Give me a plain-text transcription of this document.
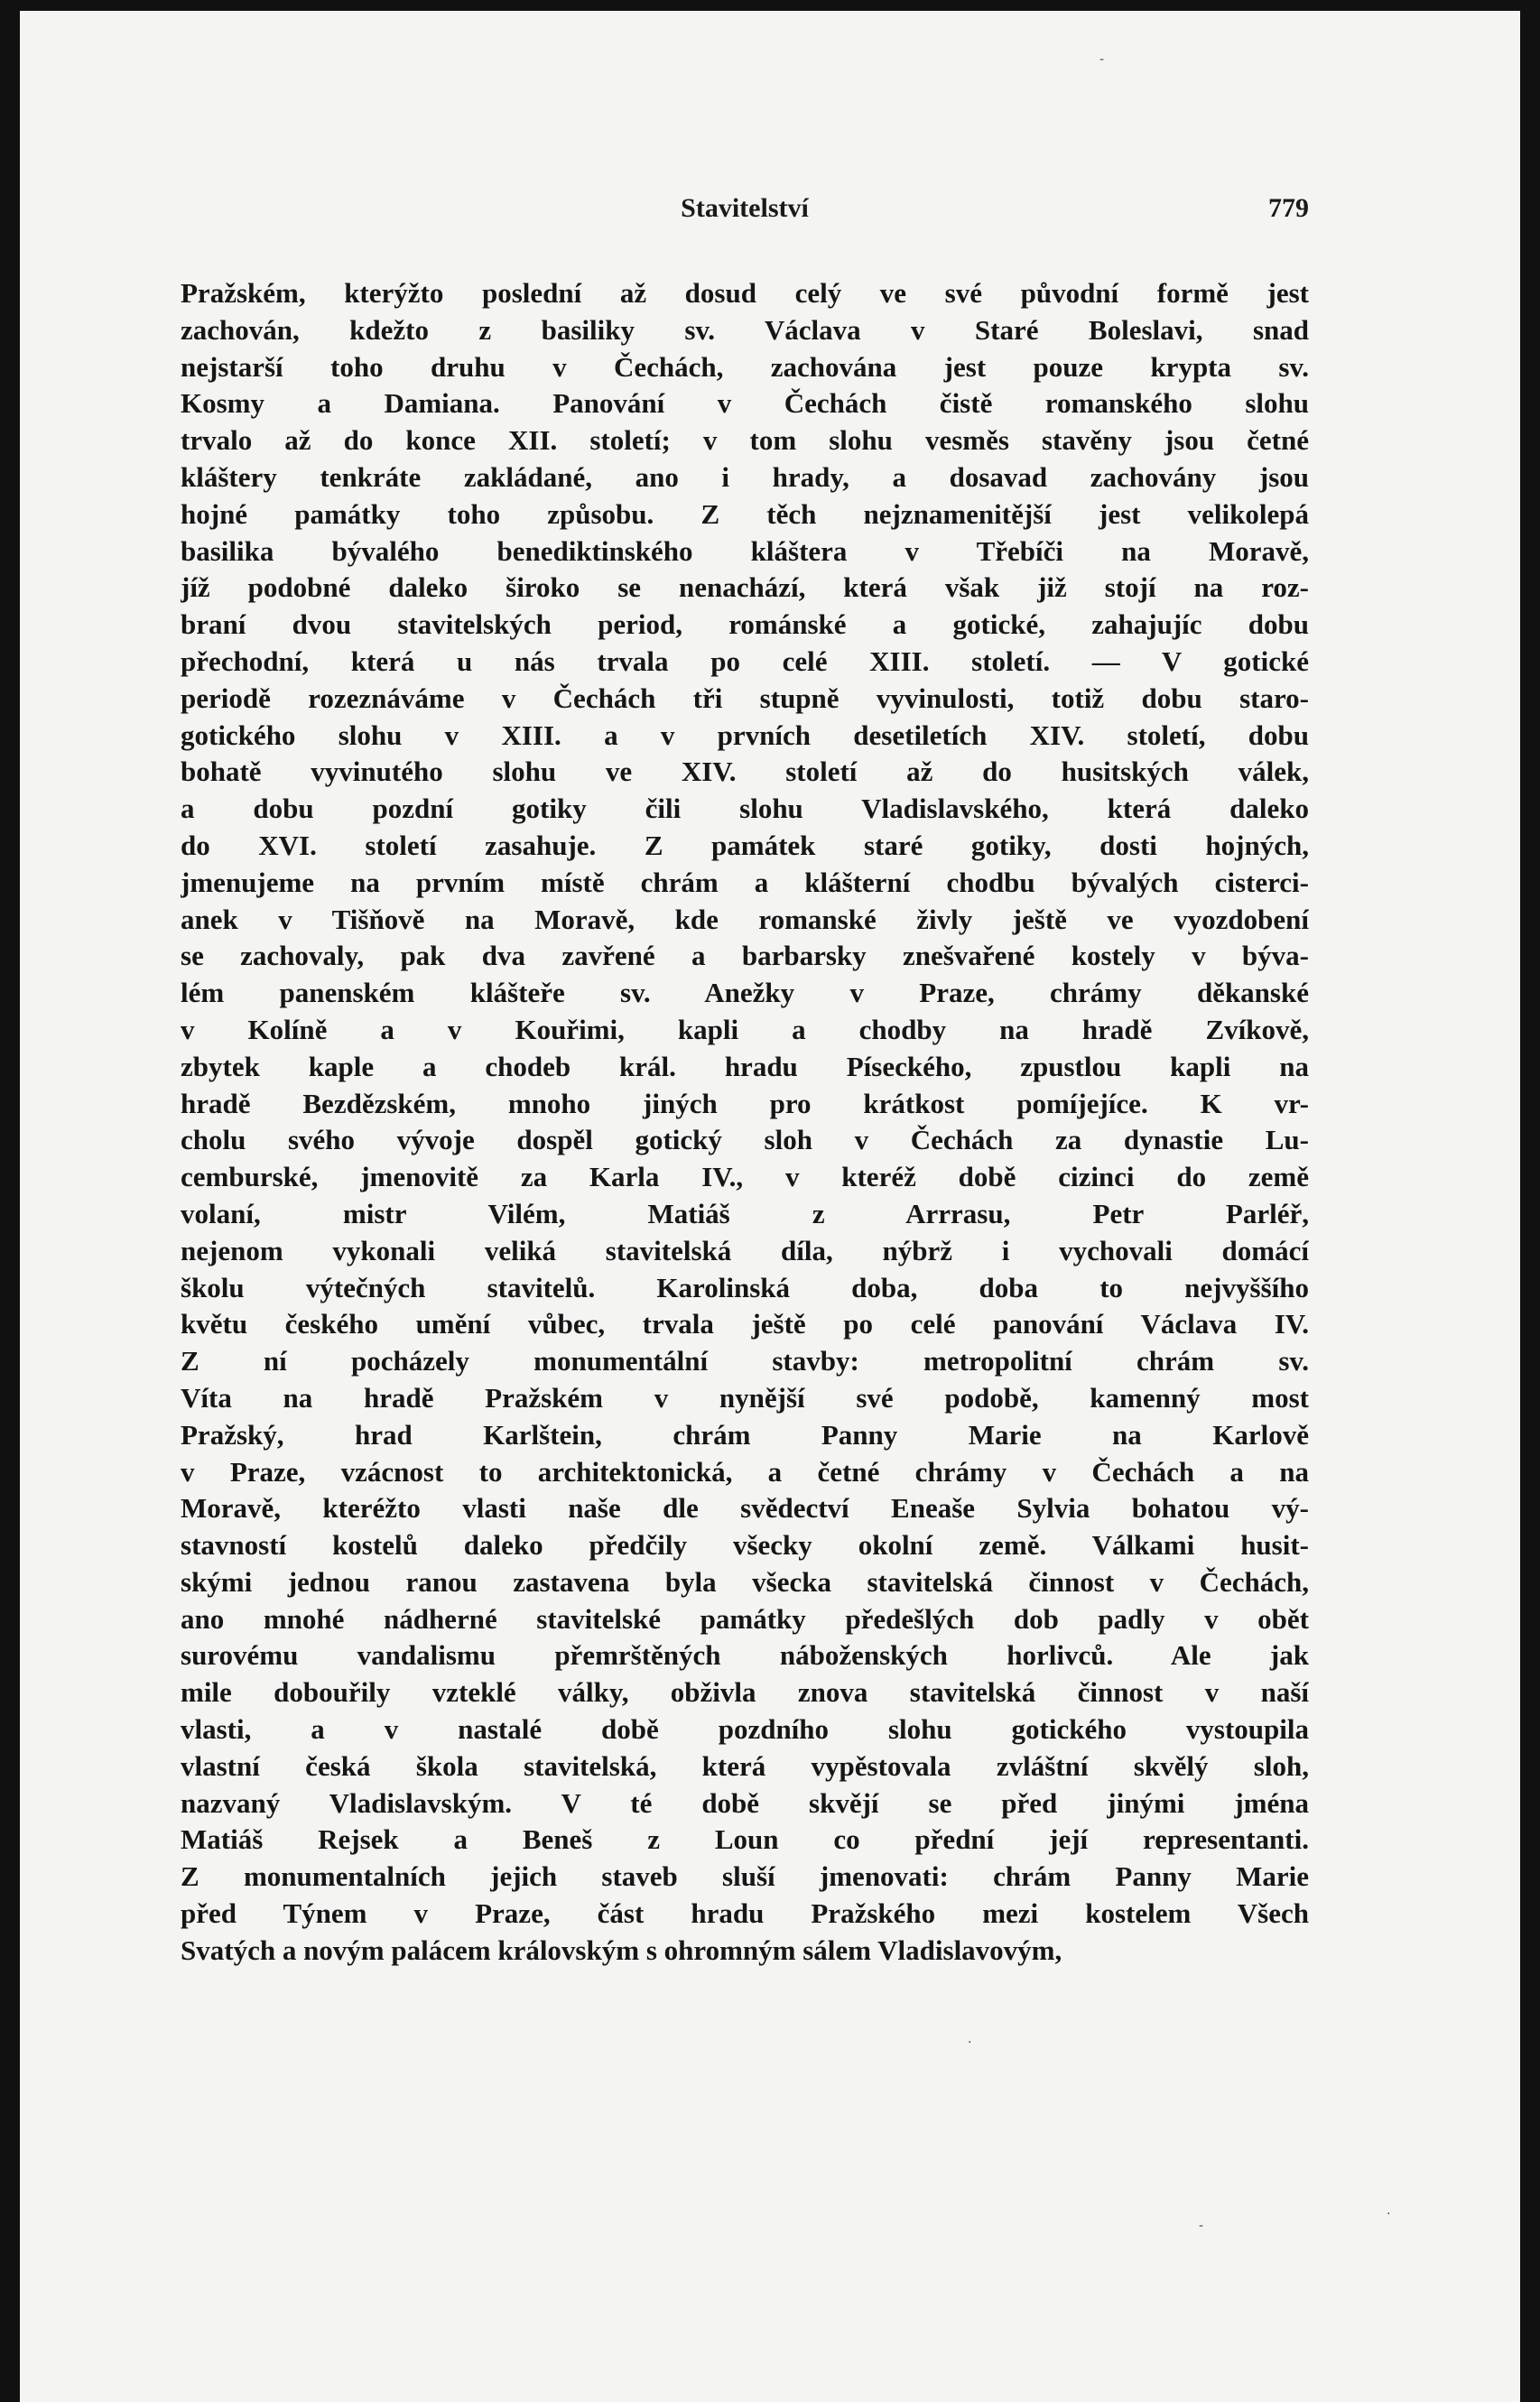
Stavitelství	779
Pražském, kterýžto poslední až dosud celý ve své původní formě jest
zachován, kdežto z basiliky sv. Václava v Staré Boleslavi, snad
nejstarší toho druhu v Čechách, zachována jest pouze krypta sv.
Kosmy a Damiana. Panování v Čechách čistě romanského slohu
trvalo až do konce XII. století; v tom slohu vesměs stavěny jsou četné
kláštery tenkráte zakládané, ano i hrady, a dosavad zachovány jsou
hojné památky toho způsobu. Z těch nejznamenitější jest velikolepá
basilika bývalého benediktinského kláštera v Třebíči na Moravě,
jíž podobné daleko široko se nenachází, která však již stojí na roz-
braní dvou stavitelských period, románské a gotické, zahajujíc dobu
přechodní, která u nás trvala po celé XIII. století. — V gotické
periodě rozeznáváme v Čechách tři stupně vyvinulosti, totiž dobu staro-
gotického slohu v XIII. a v prvních desetiletích XIV. století, dobu
bohatě vyvinutého slohu ve XIV. století až do husitských válek,
a dobu pozdní gotiky čili slohu Vladislavského, která daleko
do XVI. století zasahuje. Z památek staré gotiky, dosti hojných,
jmenujeme na prvním místě chrám a klášterní chodbu bývalých cisterci-
anek v Tišňově na Moravě, kde romanské živly ještě ve vyozdobení
se zachovaly, pak dva zavřené a barbarsky znešvařené kostely v býva-
lém panenském klášteře sv. Anežky v Praze, chrámy děkanské
v Kolíně a v Kouřimi, kapli a chodby na hradě Zvíkově,
zbytek kaple a chodeb král. hradu Píseckého, zpustlou kapli na
hradě Bezdězském, mnoho jiných pro krátkost pomíjejíce. K vr-
cholu svého vývoje dospěl gotický sloh v Čechách za dynastie Lu-
cemburské, jmenovitě za Karla IV., v kteréž době cizinci do země
volaní, mistr Vilém, Matiáš z Arrrasu, Petr Parléř,
nejenom vykonali veliká stavitelská díla, nýbrž i vychovali domácí
školu výtečných stavitelů. Karolinská doba, doba to nejvyššího
květu českého umění vůbec, trvala ještě po celé panování Václava IV.
Z ní pocházely monumentální stavby: metropolitní chrám sv.
Víta na hradě Pražském v nynější své podobě, kamenný most
Pražský, hrad Karlštein, chrám Panny Marie na Karlově
v Praze, vzácnost to architektonická, a četné chrámy v Čechách a na
Moravě, kteréžto vlasti naše dle svědectví Eneaše Sylvia bohatou vý-
stavností kostelů daleko předčily všecky okolní země. Válkami husit-
skými jednou ranou zastavena byla všecka stavitelská činnost v Čechách,
ano mnohé nádherné stavitelské památky předešlých dob padly v obět
surovému vandalismu přemrštěných náboženských horlivců. Ale jak
mile dobouřily vzteklé války, obživla znova stavitelská činnost v naší
vlasti, a v nastalé době pozdního slohu gotického vystoupila
vlastní česká škola stavitelská, která vypěstovala zvláštní skvělý sloh,
nazvaný Vladislavským. V té době skvějí se před jinými jména
Matiáš Rejsek a Beneš z Loun co přední její representanti.
Z monumentalních jejich staveb sluší jmenovati: chrám Panny Marie
před Týnem v Praze, část hradu Pražského mezi kostelem Všech
Svatých a novým palácem královským s ohromným sálem Vladislavovým,
-
·
·
-
